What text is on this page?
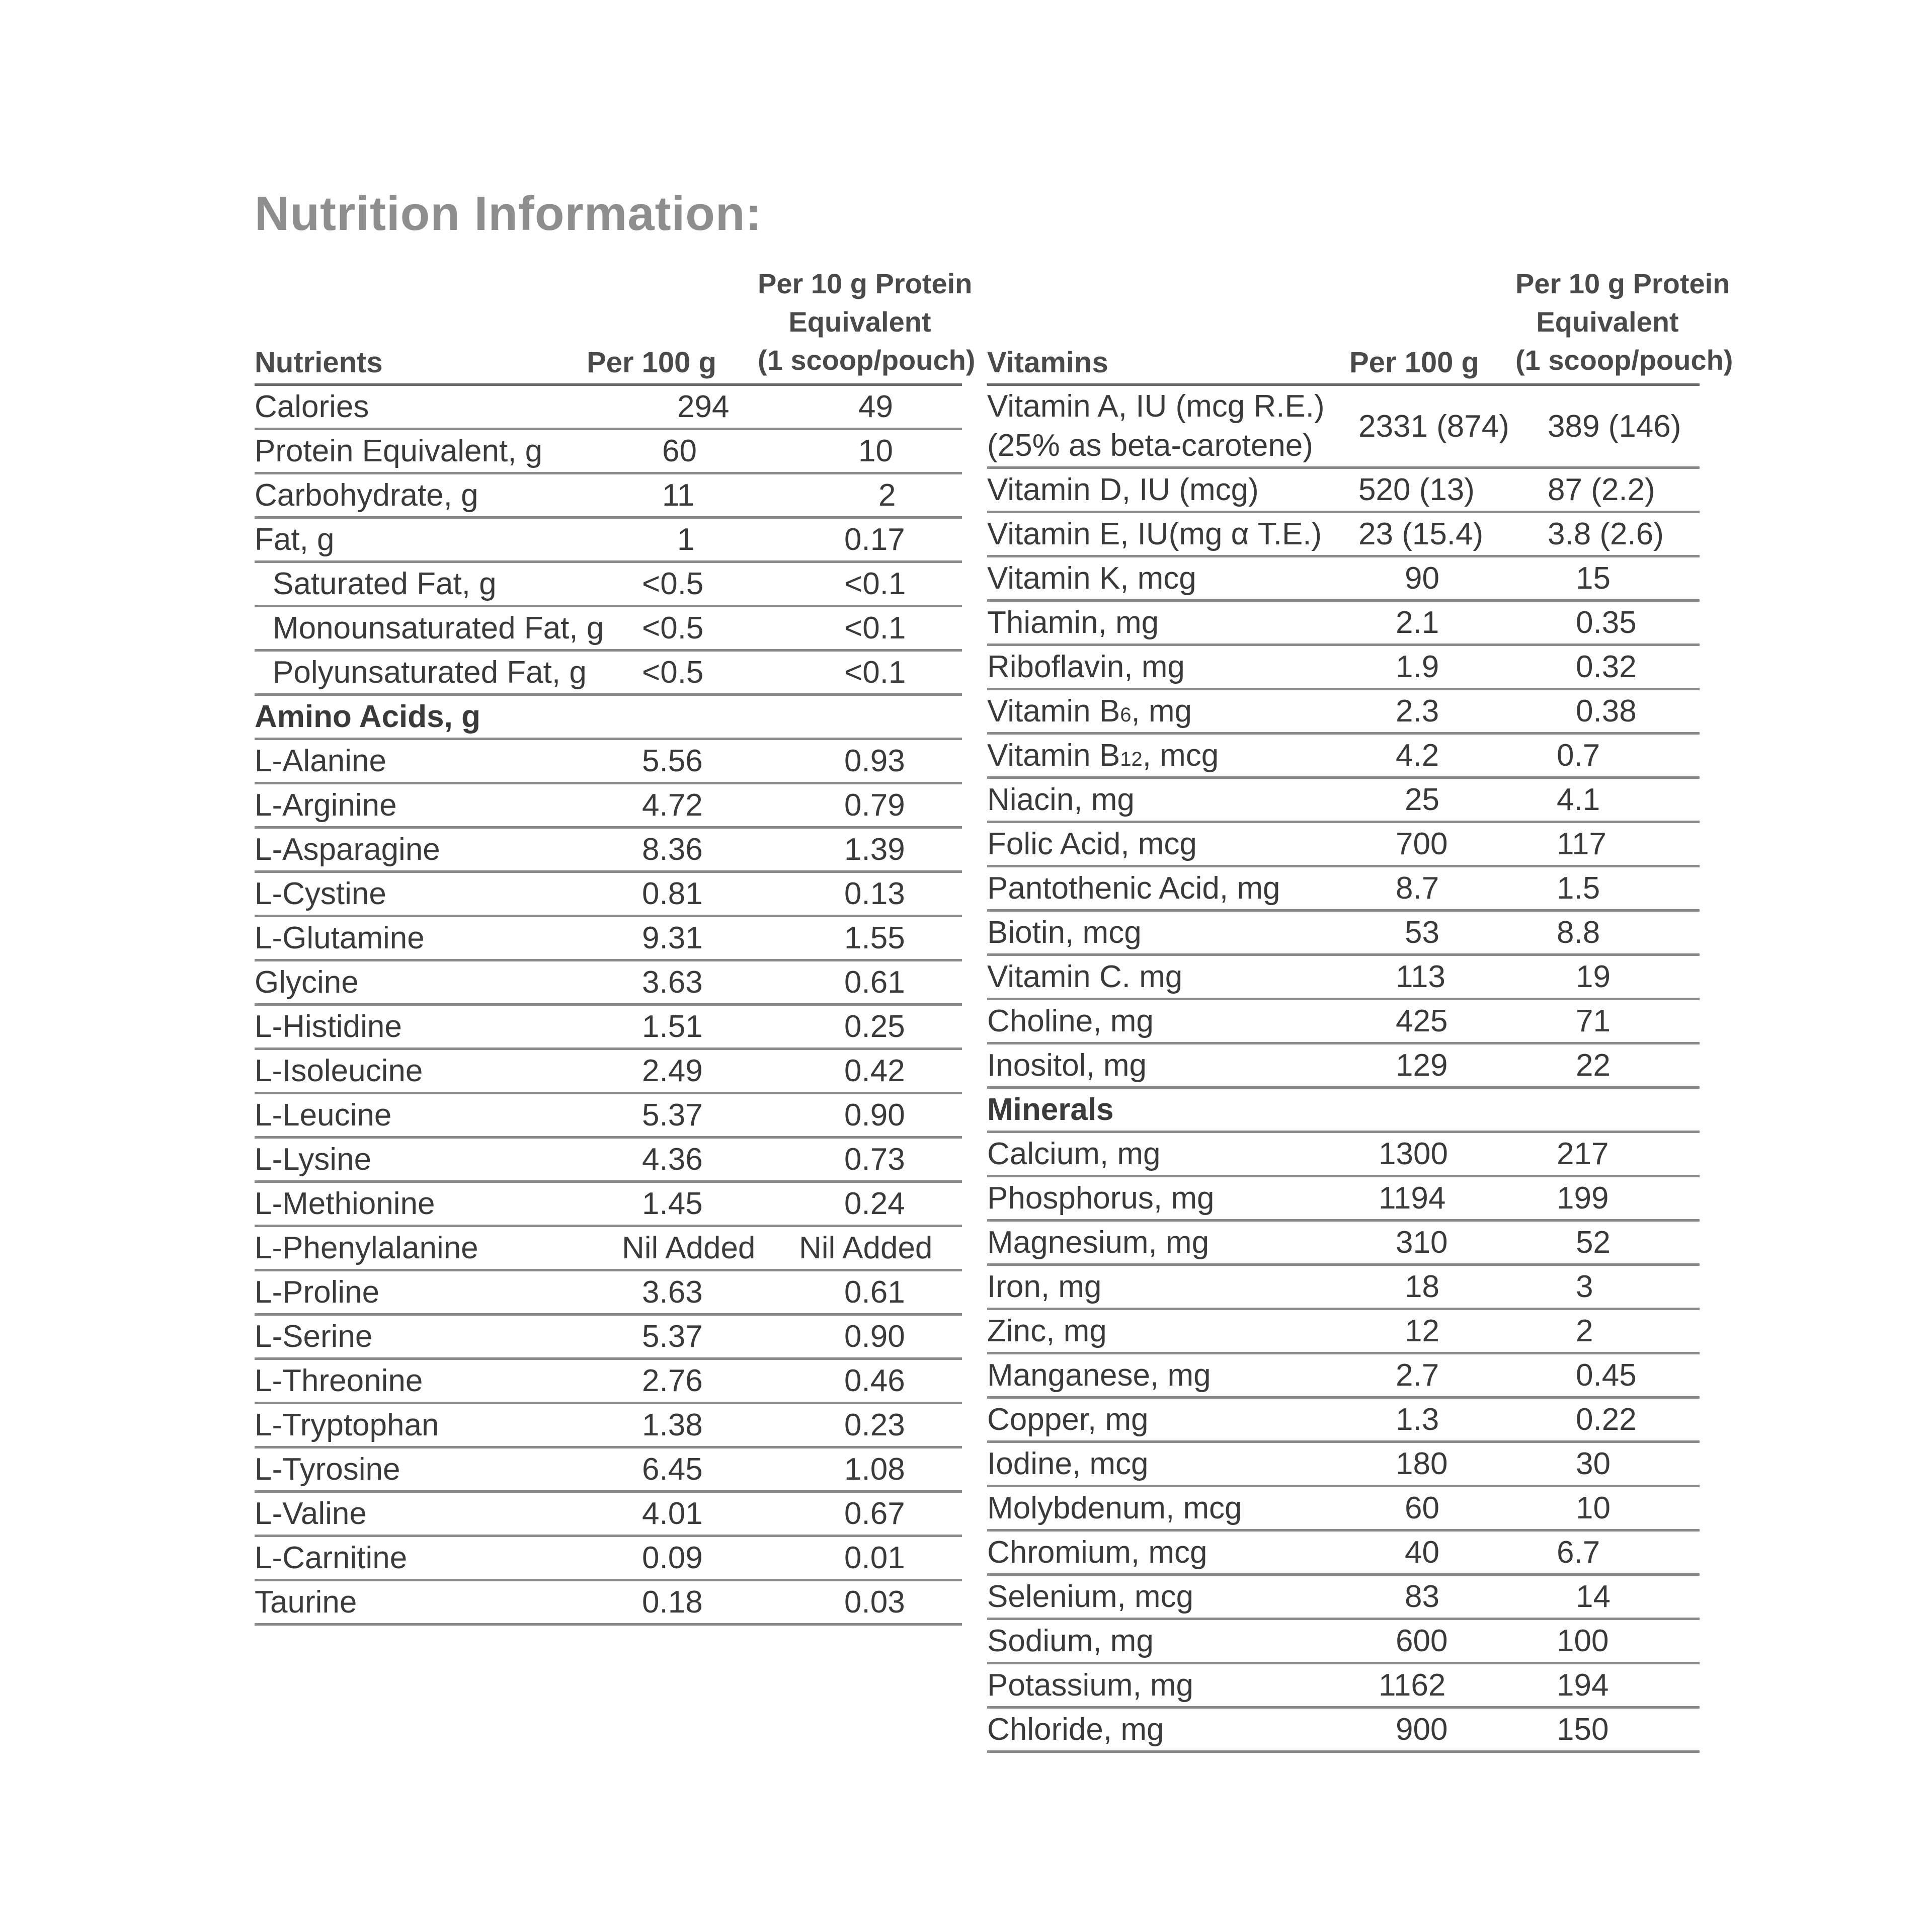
Nutrition Information:
Nutrients	Per 100 g	Per 10 g Protein
Equivalent
(1 scoop/pouch)
Calories	294	49
Protein Equivalent, g	60	10
Carbohydrate, g	11	2
Fat, g	1	0.17
Saturated Fat, g	<0.5	<0.1
Monounsaturated Fat, g	<0.5	<0.1
Polyunsaturated Fat, g	<0.5	<0.1
Amino Acids, g		
L-Alanine	5.56	0.93
L-Arginine	4.72	0.79
L-Asparagine	8.36	1.39
L-Cystine	0.81	0.13
L-Glutamine	9.31	1.55
Glycine	3.63	0.61
L-Histidine	1.51	0.25
L-Isoleucine	2.49	0.42
L-Leucine	5.37	0.90
L-Lysine	4.36	0.73
L-Methionine	1.45	0.24
L-Phenylalanine	Nil Added	Nil Added
L-Proline	3.63	0.61
L-Serine	5.37	0.90
L-Threonine	2.76	0.46
L-Tryptophan	1.38	0.23
L-Tyrosine	6.45	1.08
L-Valine	4.01	0.67
L-Carnitine	0.09	0.01
Taurine	0.18	0.03
Vitamins	Per 100 g	Per 10 g Protein
Equivalent
(1 scoop/pouch)
Vitamin A, IU (mcg R.E.) (25% as beta-carotene)	2331 (874)	389 (146)
Vitamin D, IU (mcg)	520 (13)	87 (2.2)
Vitamin E, IU(mg α T.E.)	23 (15.4)	3.8 (2.6)
Vitamin K, mcg	90	15
Thiamin, mg	2.1	0.35
Riboflavin, mg	1.9	0.32
Vitamin B6, mg	2.3	0.38
Vitamin B12, mcg	4.2	0.7
Niacin, mg	25	4.1
Folic Acid, mcg	700	117
Pantothenic Acid, mg	8.7	1.5
Biotin, mcg	53	8.8
Vitamin C. mg	113	19
Choline, mg	425	71
Inositol, mg	129	22
Minerals		
Calcium, mg	1300	217
Phosphorus, mg	1194	199
Magnesium, mg	310	52
Iron, mg	18	3
Zinc, mg	12	2
Manganese, mg	2.7	0.45
Copper, mg	1.3	0.22
Iodine, mcg	180	30
Molybdenum, mcg	60	10
Chromium, mcg	40	6.7
Selenium, mcg	83	14
Sodium, mg	600	100
Potassium, mg	1162	194
Chloride, mg	900	150
